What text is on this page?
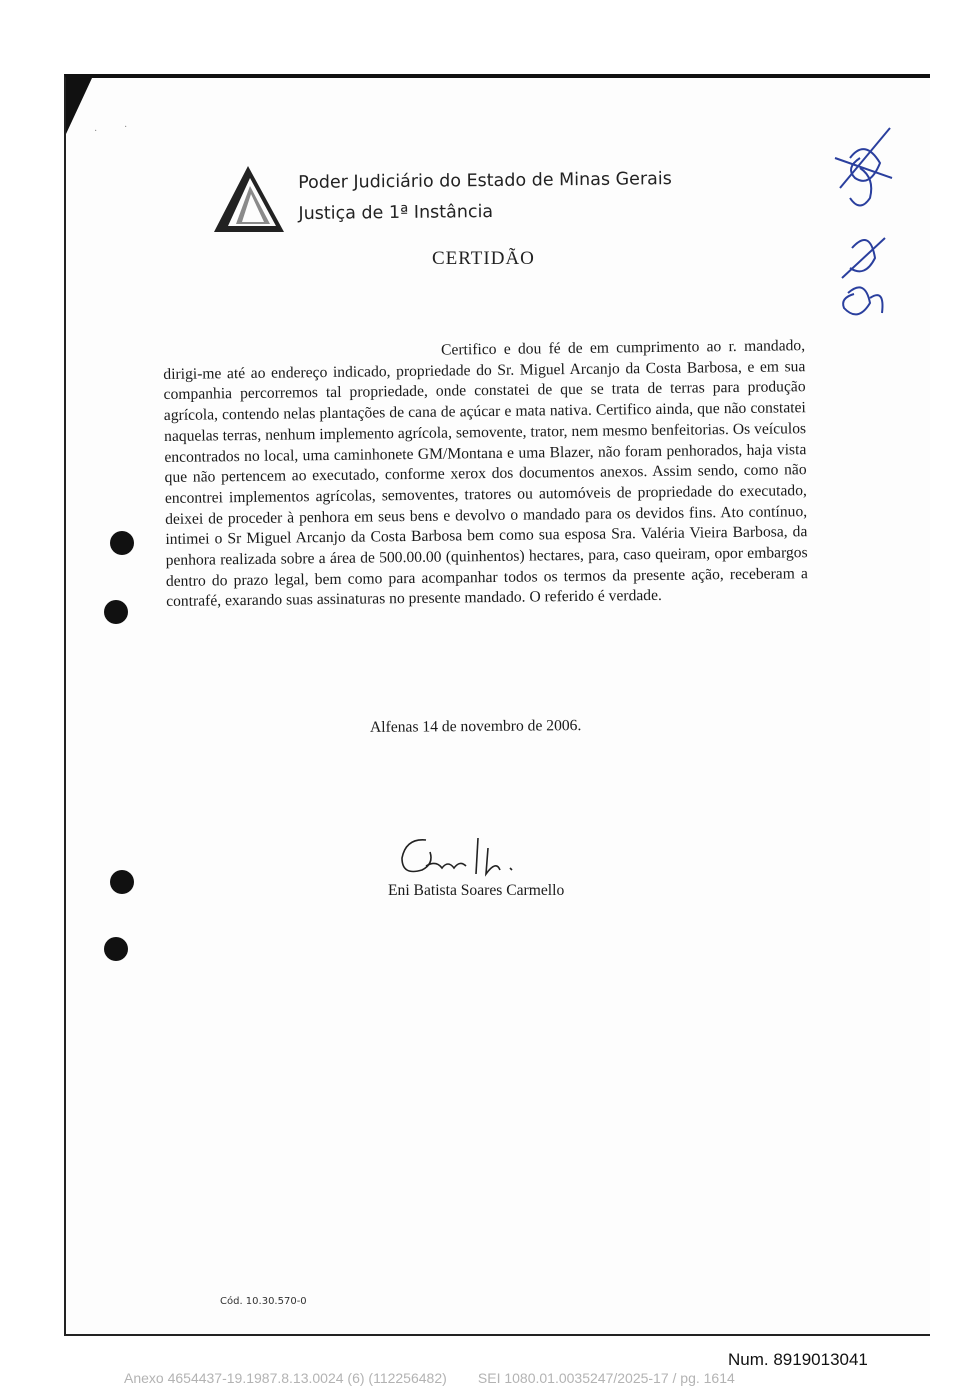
·	·
Poder Judiciário do Estado de Minas Gerais
Justiça de 1ª Instância
CERTIDÃO
Certifico e dou fé de em cumprimento ao r. mandado, dirigi-me até ao endereço indicado, propriedade do Sr. Miguel Arcanjo da Costa Barbosa, e em sua companhia percorremos tal propriedade, onde constatei de que se trata de terras para produção agrícola, contendo nelas plantações de cana de açúcar e mata nativa. Certifico ainda, que não constatei naquelas terras, nenhum implemento agrícola, semovente, trator, nem mesmo benfeitorias. Os veículos encontrados no local, uma caminhonete GM/Montana e uma Blazer, não foram penhorados, haja vista que não pertencem ao executado, conforme xerox dos documentos anexos. Assim sendo, como não encontrei implementos agrícolas, semoventes, tratores ou automóveis de propriedade do executado, deixei de proceder à penhora em seus bens e devolvo o mandado para os devidos fins. Ato contínuo, intimei o Sr Miguel Arcanjo da Costa Barbosa bem como sua esposa Sra. Valéria Vieira Barbosa, da penhora realizada sobre a área de 500.00.00 (quinhentos) hectares, para, caso queiram, opor embargos dentro do prazo legal, bem como para acompanhar todos os termos da presente ação, receberam a contrafé, exarando suas assinaturas no presente mandado. O referido é verdade.
Alfenas 14 de novembro de 2006.
Eni Batista Soares Carmello
Cód. 10.30.570-0
Num. 8919013041
Anexo 4654437-19.1987.8.13.0024 (6) (112256482)        SEI 1080.01.0035247/2025-17 / pg. 1614
